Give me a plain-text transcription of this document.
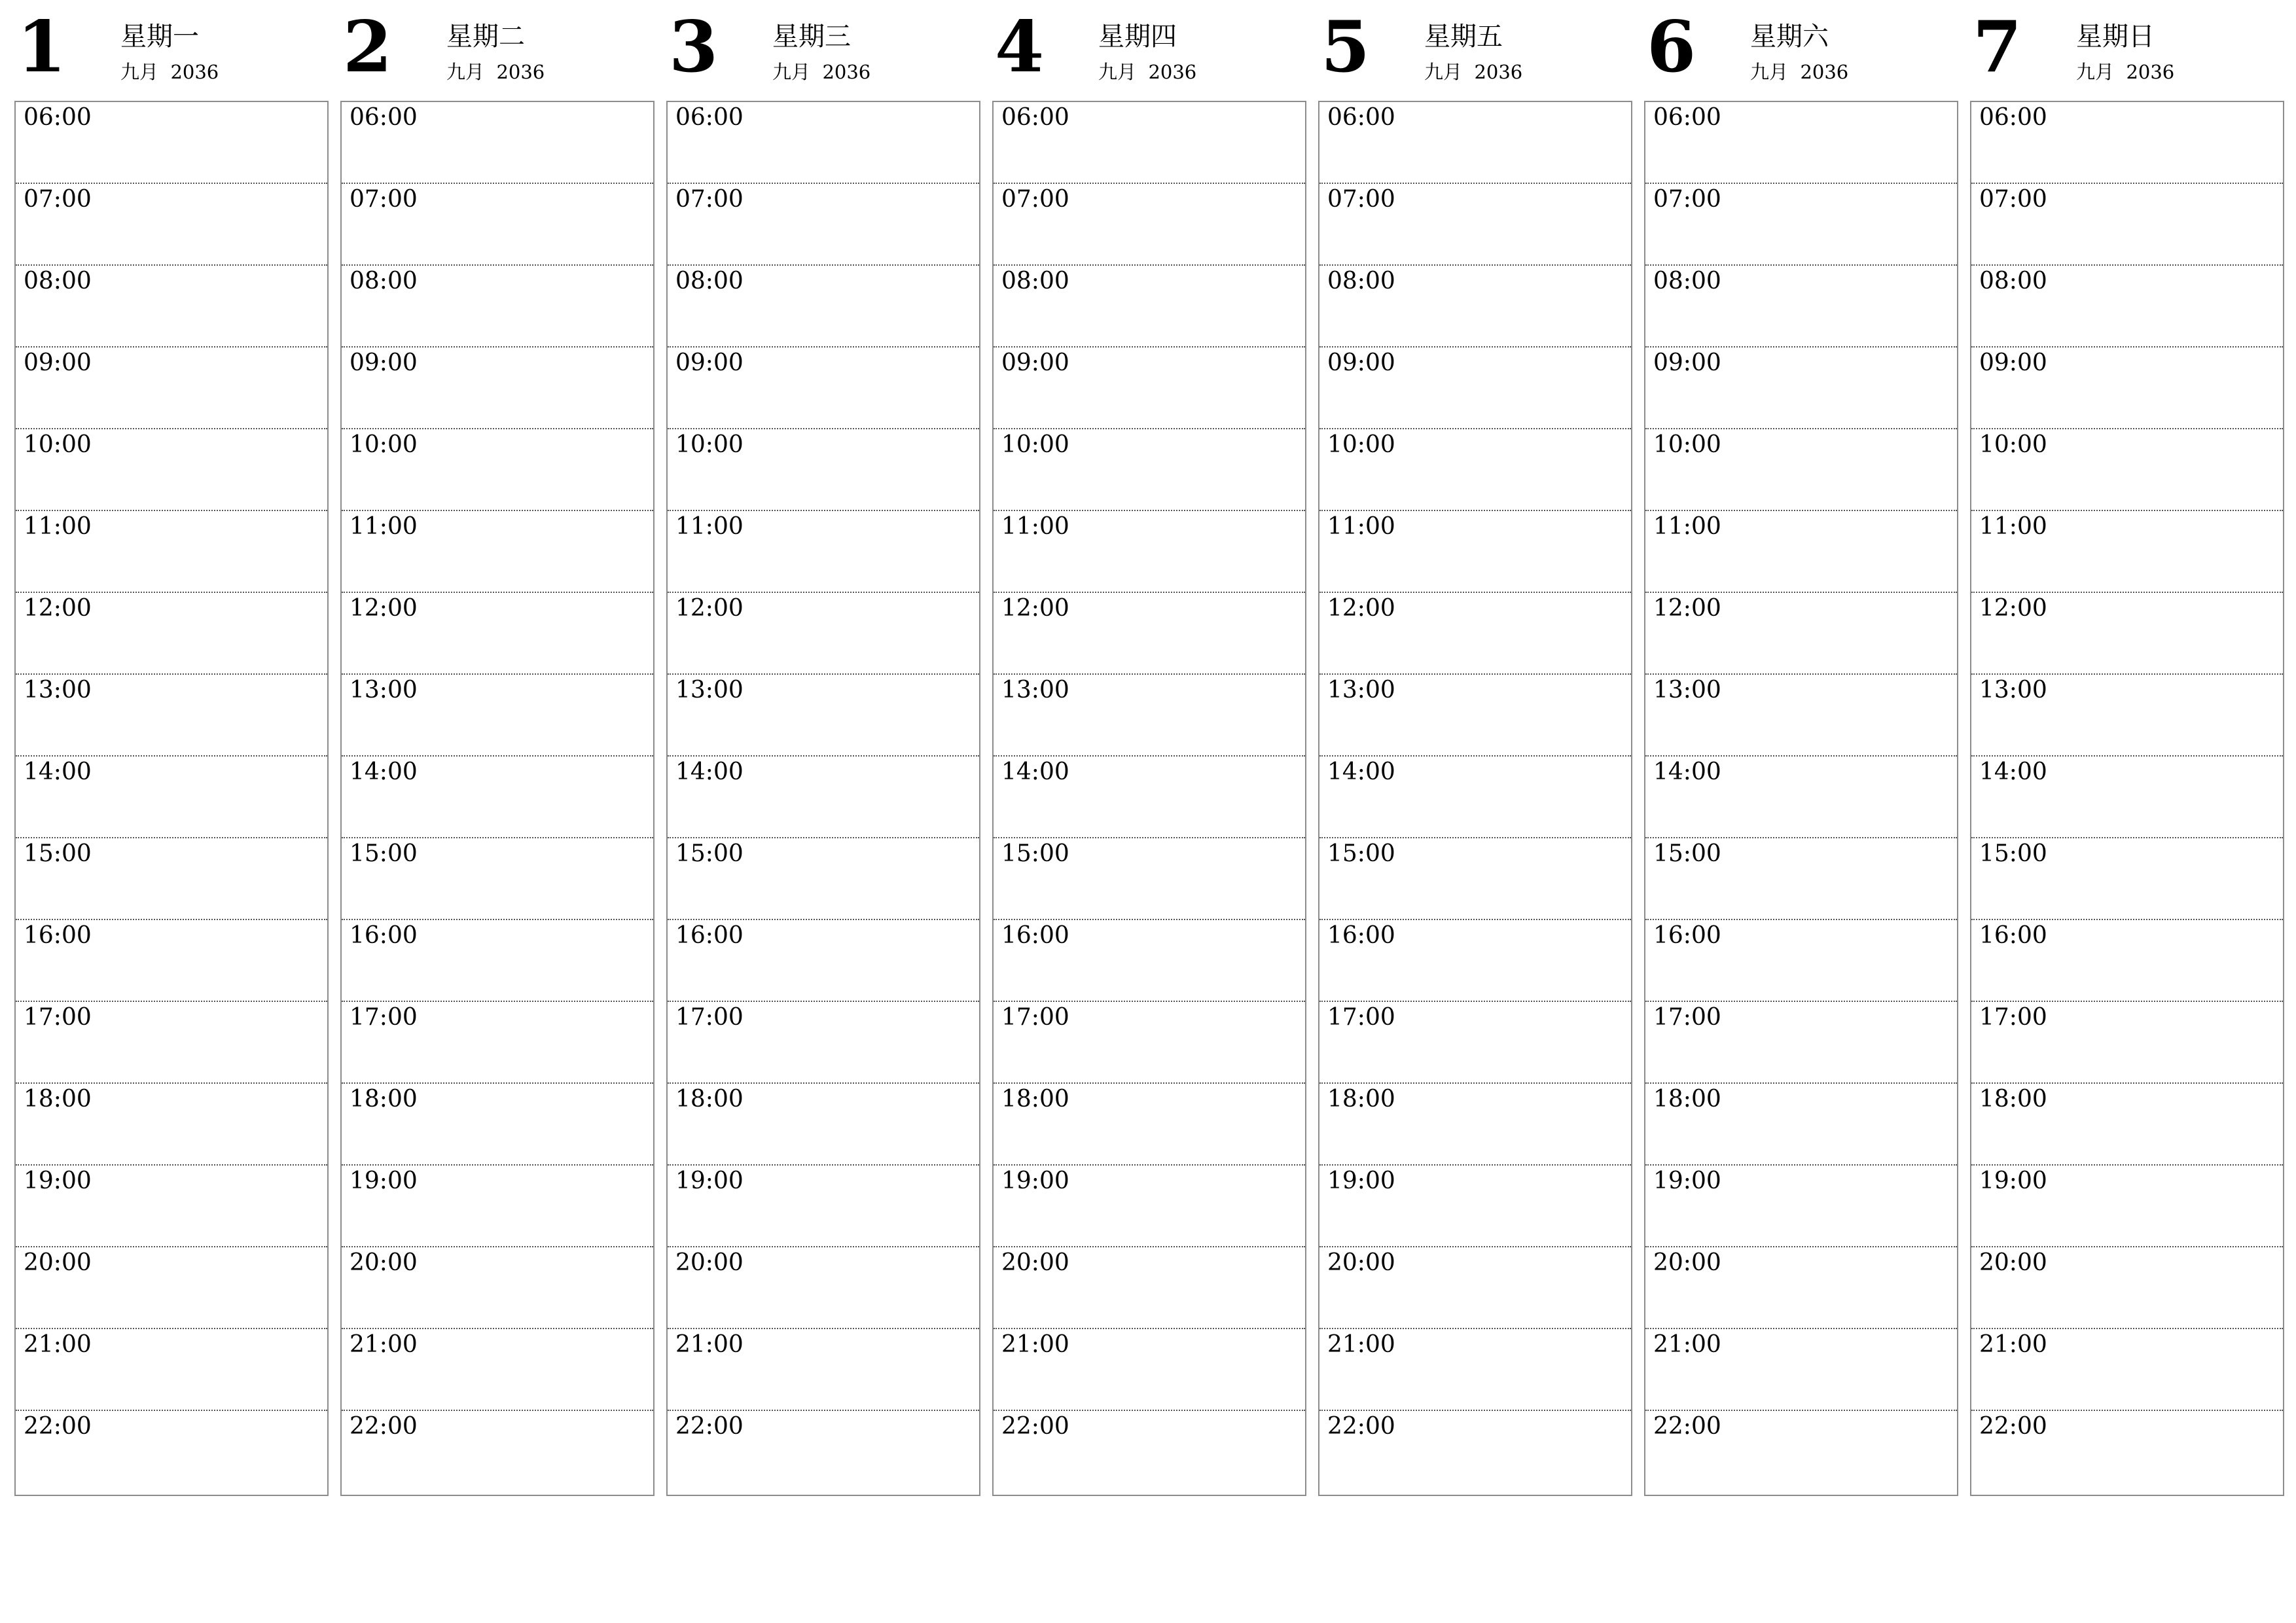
1 星期一
九月 2036
06:00
07:00
08:00
09:00
10:00
11:00
12:00
13:00
14:00
15:00
16:00
17:00
18:00
19:00
20:00
21:00
22:00
2 星期二
九月 2036
06:00
07:00
08:00
09:00
10:00
11:00
12:00
13:00
14:00
15:00
16:00
17:00
18:00
19:00
20:00
21:00
22:00
3 星期三
九月 2036
06:00
07:00
08:00
09:00
10:00
11:00
12:00
13:00
14:00
15:00
16:00
17:00
18:00
19:00
20:00
21:00
22:00
4 星期四
九月 2036
06:00
07:00
08:00
09:00
10:00
11:00
12:00
13:00
14:00
15:00
16:00
17:00
18:00
19:00
20:00
21:00
22:00
5 星期五
九月 2036
06:00
07:00
08:00
09:00
10:00
11:00
12:00
13:00
14:00
15:00
16:00
17:00
18:00
19:00
20:00
21:00
22:00
6 星期六
九月 2036
06:00
07:00
08:00
09:00
10:00
11:00
12:00
13:00
14:00
15:00
16:00
17:00
18:00
19:00
20:00
21:00
22:00
7 星期日
九月 2036
06:00
07:00
08:00
09:00
10:00
11:00
12:00
13:00
14:00
15:00
16:00
17:00
18:00
19:00
20:00
21:00
22:00
